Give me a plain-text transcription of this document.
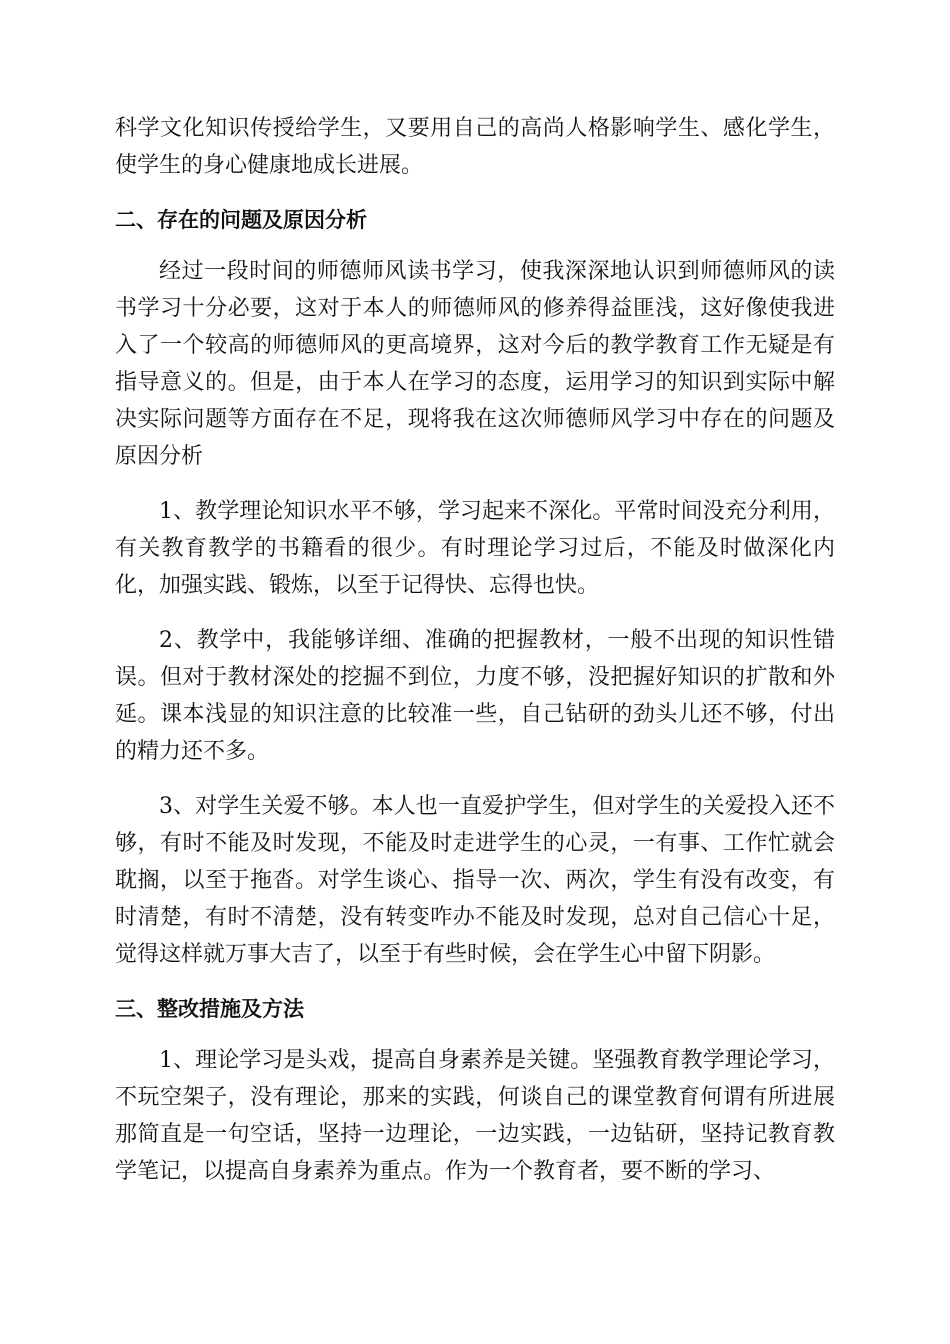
科学文化知识传授给学生，又要用自己的高尚人格影响学生、感化学生，使学生的身心健康地成长进展。

二、存在的问题及原因分析

经过一段时间的师德师风读书学习，使我深深地认识到师德师风的读书学习十分必要，这对于本人的师德师风的修养得益匪浅，这好像使我进入了一个较高的师德师风的更高境界，这对今后的教学教育工作无疑是有指导意义的。但是，由于本人在学习的态度，运用学习的知识到实际中解决实际问题等方面存在不足，现将我在这次师德师风学习中存在的问题及原因分析

1、教学理论知识水平不够，学习起来不深化。平常时间没充分利用，有关教育教学的书籍看的很少。有时理论学习过后，不能及时做深化内化，加强实践、锻炼，以至于记得快、忘得也快。

2、教学中，我能够详细、准确的把握教材，一般不出现的知识性错误。但对于教材深处的挖掘不到位，力度不够，没把握好知识的扩散和外延。课本浅显的知识注意的比较准一些，自己钻研的劲头儿还不够，付出的精力还不多。

3、对学生关爱不够。本人也一直爱护学生，但对学生的关爱投入还不够，有时不能及时发现，不能及时走进学生的心灵，一有事、工作忙就会耽搁，以至于拖沓。对学生谈心、指导一次、两次，学生有没有改变，有时清楚，有时不清楚，没有转变咋办不能及时发现，总对自己信心十足，觉得这样就万事大吉了，以至于有些时候，会在学生心中留下阴影。

三、整改措施及方法

1、理论学习是头戏，提高自身素养是关键。坚强教育教学理论学习，不玩空架子，没有理论，那来的实践，何谈自己的课堂教育何谓有所进展那简直是一句空话，坚持一边理论，一边实践，一边钻研，坚持记教育教学笔记，以提高自身素养为重点。作为一个教育者，要不断的学习、
